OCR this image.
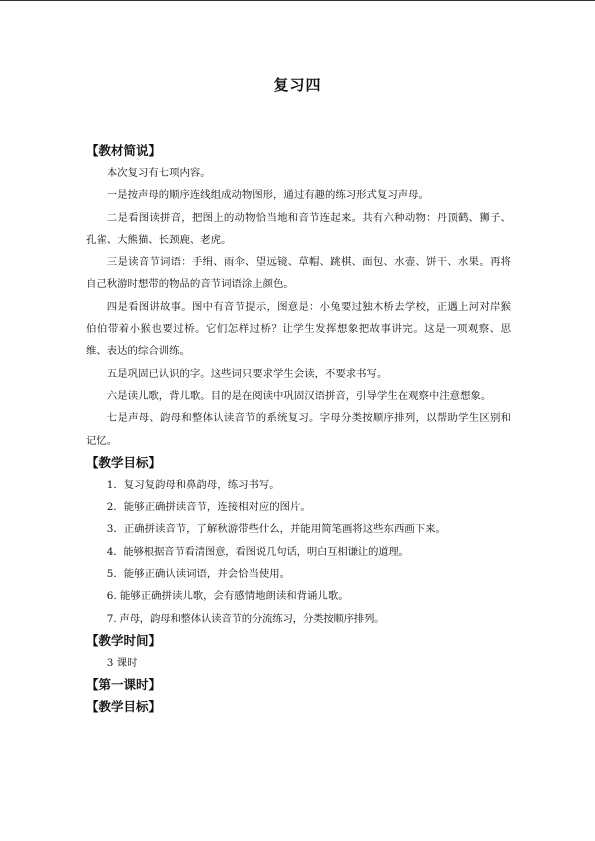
复习四
【教材简说】

本次复习有七项内容。

一是按声母的顺序连线组成动物图形，通过有趣的练习形式复习声母。

二是看图读拼音，把图上的动物恰当地和音节连起来。共有六种动物：丹顶鹤、狮子、孔雀、大熊猫、长颈鹿、老虎。

三是读音节词语：手绢、雨伞、望远镜、草帽、跳棋、面包、水壶、饼干、水果。再将自己秋游时想带的物品的音节词语涂上颜色。

四是看图讲故事。图中有音节提示，图意是：小兔要过独木桥去学校，正遇上河对岸猴伯伯带着小猴也要过桥。它们怎样过桥？让学生发挥想象把故事讲完。这是一项观察、思维、表达的综合训练。

五是巩固已认识的字。这些词只要求学生会读，不要求书写。

六是读儿歌，背儿歌。目的是在阅读中巩固汉语拼音，引导学生在观察中注意想象。

七是声母、韵母和整体认读音节的系统复习。字母分类按顺序排列，以帮助学生区别和记忆。

【教学目标】

1．复习复韵母和鼻韵母，练习书写。

2．能够正确拼读音节，连接相对应的图片。

3．正确拼读音节，了解秋游带些什么，并能用简笔画将这些东西画下来。

4．能够根据音节看清图意，看图说几句话，明白互相谦让的道理。

5．能够正确认读词语，并会恰当使用。

6. 能够正确拼读儿歌，会有感情地朗读和背诵儿歌。

7. 声母，韵母和整体认读音节的分流练习，分类按顺序排列。

【教学时间】

3 课时

【第一课时】
【教学目标】
